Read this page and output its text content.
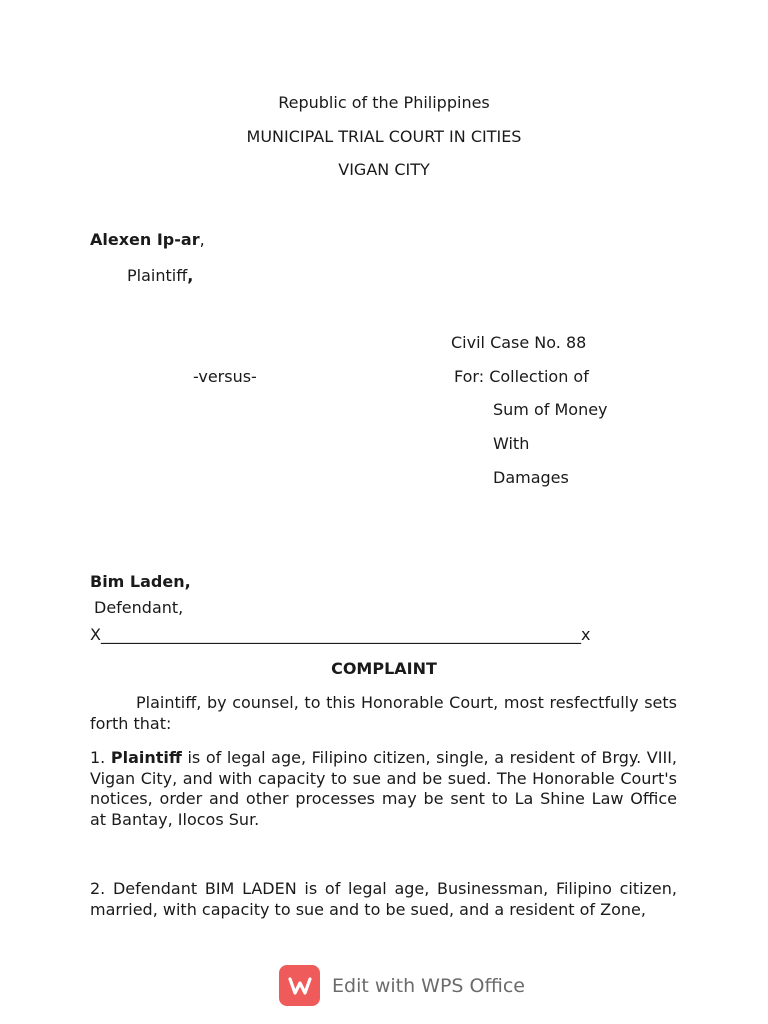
Republic of the Philippines
MUNICIPAL TRIAL COURT IN CITIES
VIGAN CITY
Alexen Ip-ar,
Plaintiff,
Civil Case No. 88
-versus-	For: Collection of
Sum of Money
With
Damages
Bim Laden,
Defendant,
X____________________________________________________________x
COMPLAINT
Plaintiff, by counsel, to this Honorable Court, most resfectfully sets forth that:
1. Plaintiff is of legal age, Filipino citizen, single, a resident of Brgy. VIII, Vigan City, and with capacity to sue and be sued. The Honorable Court's notices, order and other processes may be sent to La Shine Law Office at Bantay, Ilocos Sur.
2. Defendant BIM LADEN is of legal age, Businessman, Filipino citizen, married, with capacity to sue and to be sued, and a resident of Zone,
Edit with WPS Office
